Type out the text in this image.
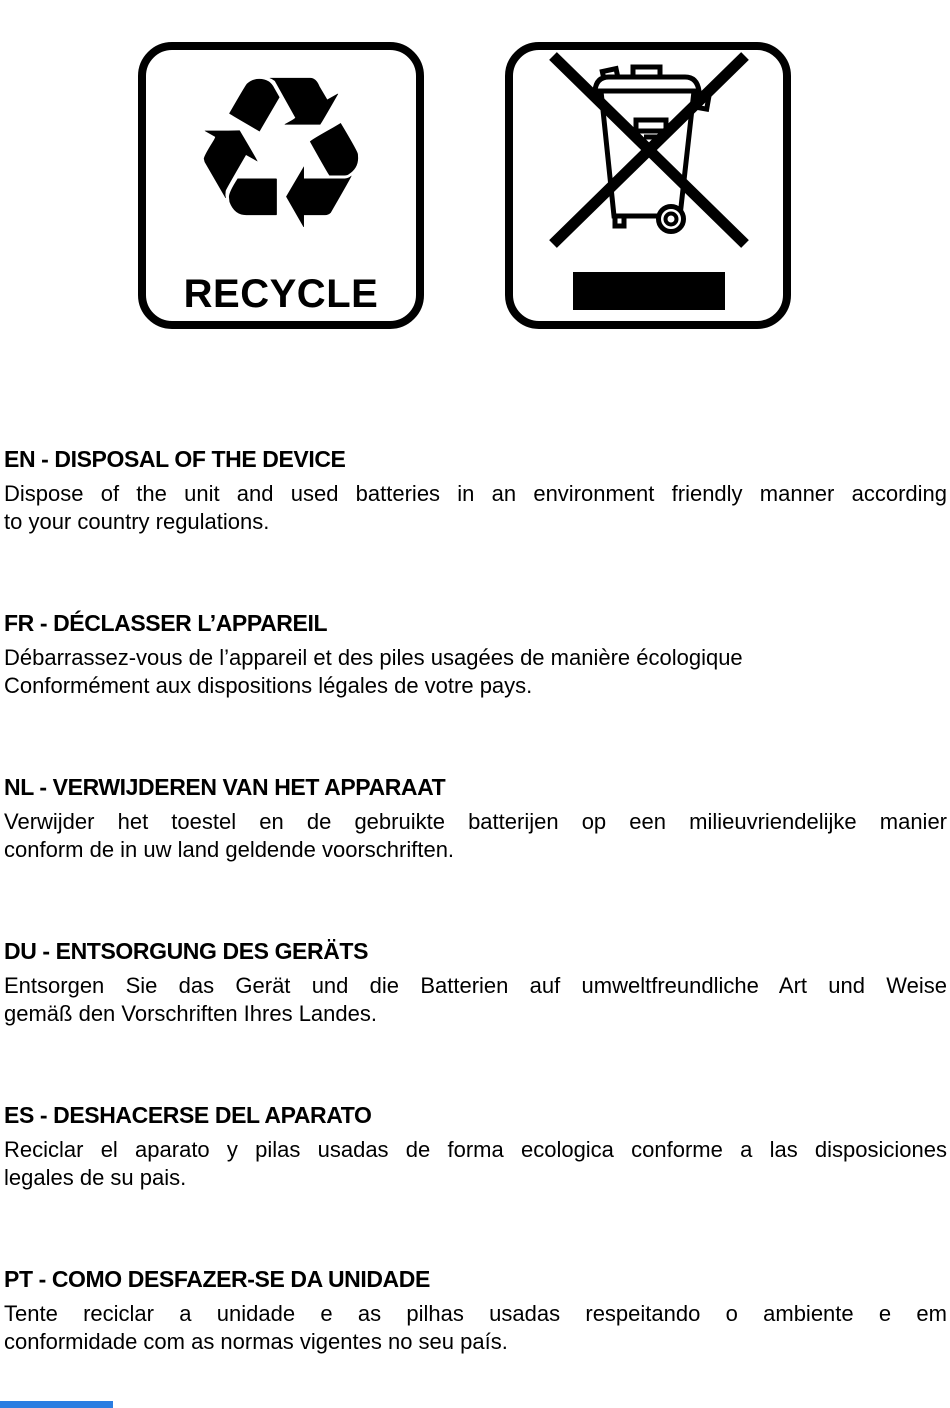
♻
RECYCLE
EN - DISPOSAL OF THE DEVICE

Dispose of the unit and used batteries in an environment friendly manner according
to your country regulations.

FR - DÉCLASSER L’APPAREIL

Débarrassez-vous de l’appareil et des piles usagées de manière écologique
Conformément aux dispositions légales de votre pays.

NL - VERWIJDEREN VAN HET APPARAAT

Verwijder het toestel en de gebruikte batterijen op een milieuvriendelijke manier
conform de in uw land geldende voorschriften.

DU - ENTSORGUNG DES GERÄTS

Entsorgen Sie das Gerät und die Batterien auf umweltfreundliche Art und Weise
gemäß den Vorschriften Ihres Landes.

ES - DESHACERSE DEL APARATO

Reciclar el aparato y pilas usadas de forma ecologica conforme a las disposiciones
legales de su pais.

PT - COMO DESFAZER-SE DA UNIDADE

Tente reciclar a unidade e as pilhas usadas respeitando o ambiente e em
conformidade com as normas vigentes no seu país.
